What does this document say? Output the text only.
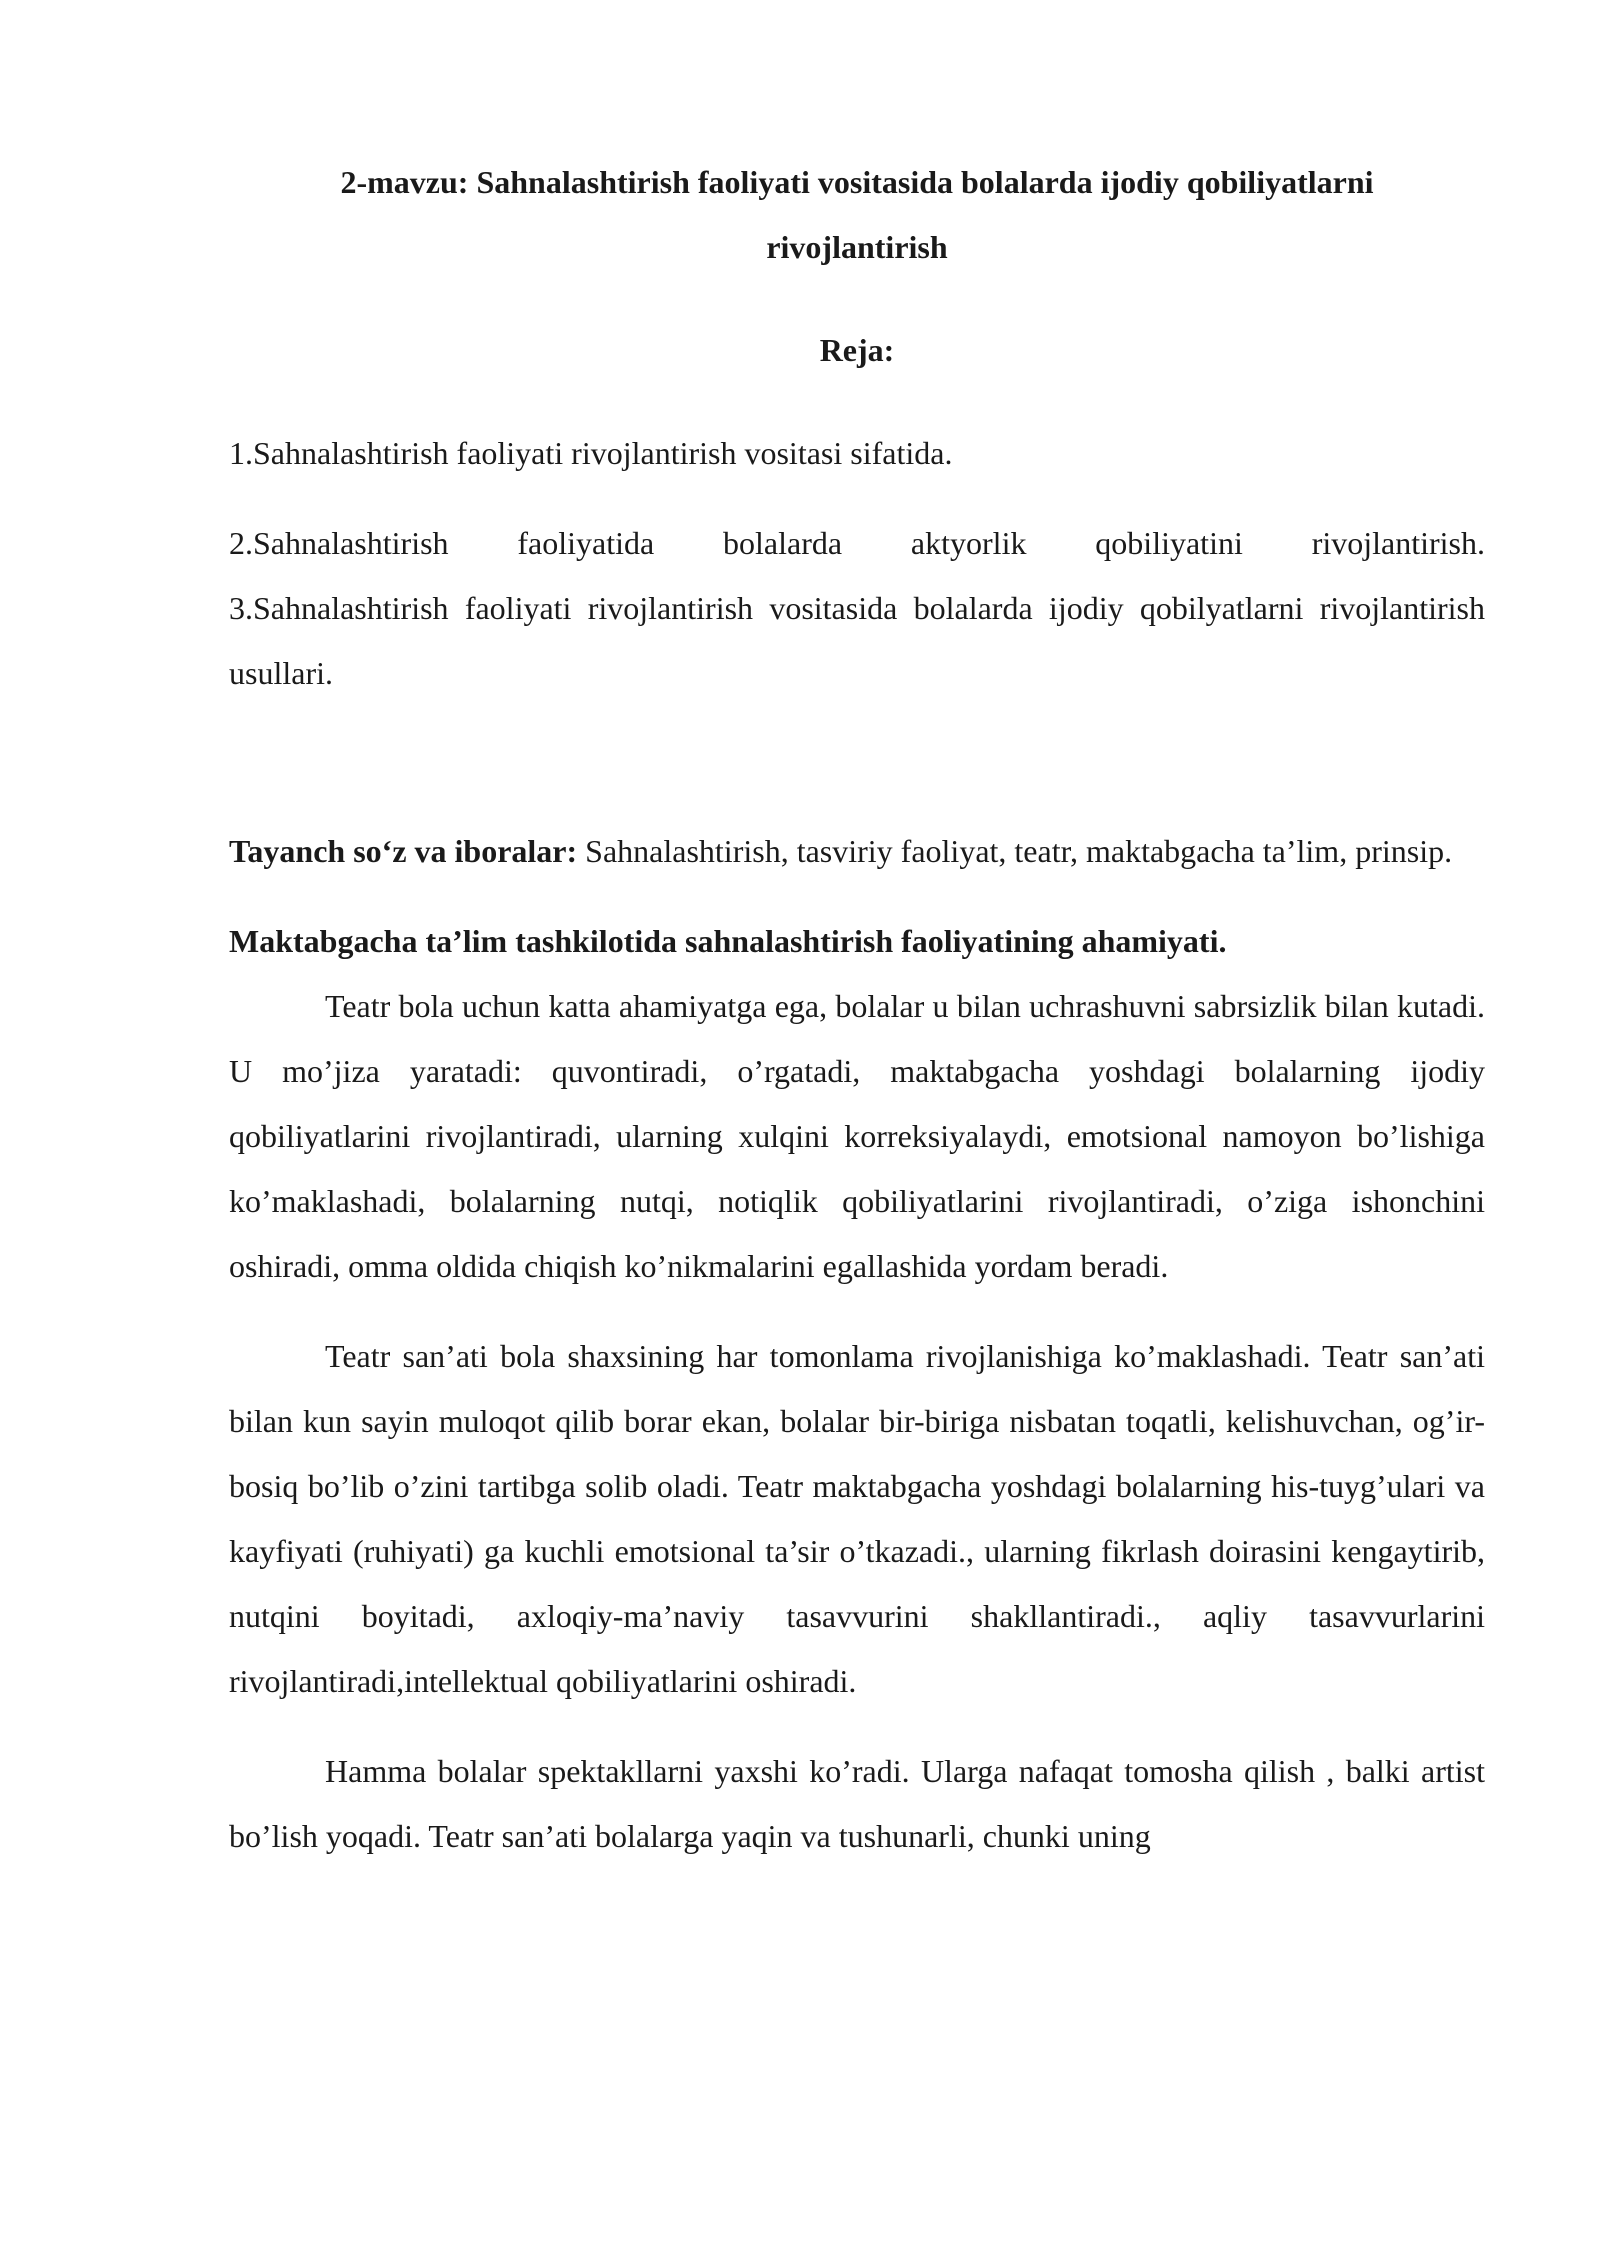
2-mavzu: Sahnalashtirish faoliyati vositasida bolalarda ijodiy qobiliyatlarni
rivojlantirish

Reja:

1.Sahnalashtirish faoliyati rivojlantirish vositasi sifatida.

2.Sahnalashtirish faoliyatida bolalarda aktyorlik qobiliyatini rivojlantirish.

3.Sahnalashtirish faoliyati rivojlantirish vositasida bolalarda ijodiy qobilyatlarni rivojlantirish usullari.

Tayanch so‘z va iboralar: Sahnalashtirish, tasviriy faoliyat, teatr, maktabgacha ta’lim, prinsip.

Maktabgacha ta’lim tashkilotida sahnalashtirish faoliyatining ahamiyati.

Teatr bola uchun katta ahamiyatga ega, bolalar u bilan uchrashuvni sabrsizlik bilan kutadi. U mo’jiza yaratadi: quvontiradi, o’rgatadi, maktabgacha yoshdagi bolalarning ijodiy qobiliyatlarini rivojlantiradi, ularning xulqini korreksiyalaydi, emotsional namoyon bo’lishiga ko’maklashadi, bolalarning nutqi, notiqlik qobiliyatlarini rivojlantiradi, o’ziga ishonchini oshiradi, omma oldida chiqish ko’nikmalarini egallashida yordam beradi.

Teatr san’ati bola shaxsining har tomonlama rivojlanishiga ko’maklashadi. Teatr san’ati bilan kun sayin muloqot qilib borar ekan, bolalar bir-biriga nisbatan toqatli, kelishuvchan, og’ir-bosiq bo’lib o’zini tartibga solib oladi. Teatr maktabgacha yoshdagi bolalarning his-tuyg’ulari va kayfiyati (ruhiyati) ga kuchli emotsional ta’sir o’tkazadi., ularning fikrlash doirasini kengaytirib, nutqini boyitadi, axloqiy-ma’naviy tasavvurini shakllantiradi., aqliy tasavvurlarini rivojlantiradi,intellektual qobiliyatlarini oshiradi.

Hamma bolalar spektakllarni yaxshi ko’radi. Ularga nafaqat tomosha qilish , balki artist bo’lish yoqadi. Teatr san’ati bolalarga yaqin va tushunarli, chunki uning
